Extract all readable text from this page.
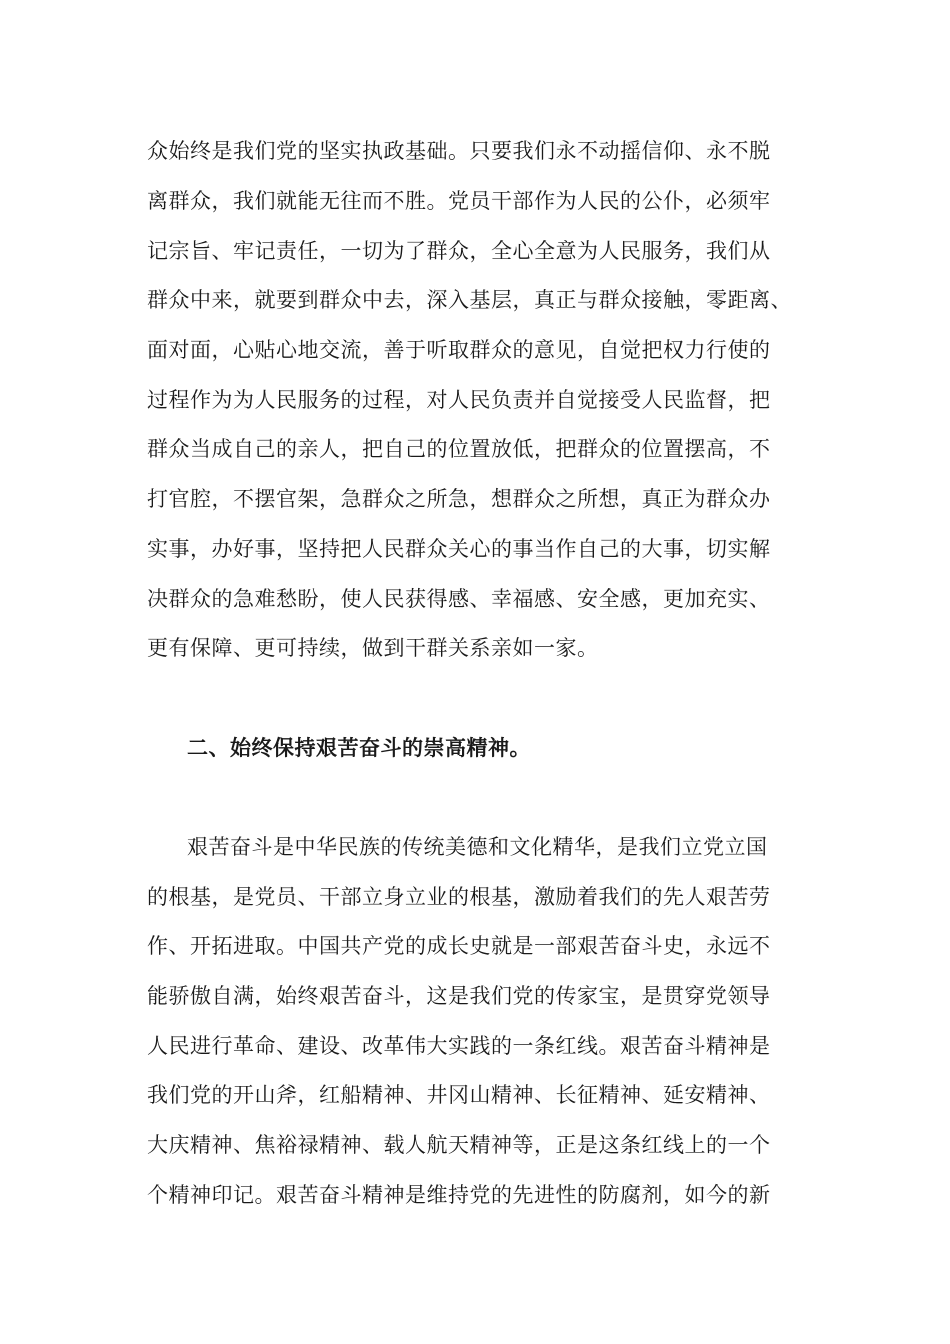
众始终是我们党的坚实执政基础。只要我们永不动摇信仰、永不脱
离群众，我们就能无往而不胜。党员干部作为人民的公仆，必须牢
记宗旨、牢记责任，一切为了群众，全心全意为人民服务，我们从
群众中来，就要到群众中去，深入基层，真正与群众接触，零距离、
面对面，心贴心地交流，善于听取群众的意见，自觉把权力行使的
过程作为为人民服务的过程，对人民负责并自觉接受人民监督，把
群众当成自己的亲人，把自己的位置放低，把群众的位置摆高，不
打官腔，不摆官架，急群众之所急，想群众之所想，真正为群众办
实事，办好事，坚持把人民群众关心的事当作自己的大事，切实解
决群众的急难愁盼，使人民获得感、幸福感、安全感，更加充实、
更有保障、更可持续，做到干群关系亲如一家。
二、始终保持艰苦奋斗的崇高精神。
艰苦奋斗是中华民族的传统美德和文化精华，是我们立党立国
的根基，是党员、干部立身立业的根基，激励着我们的先人艰苦劳
作、开拓进取。中国共产党的成长史就是一部艰苦奋斗史，永远不
能骄傲自满，始终艰苦奋斗，这是我们党的传家宝，是贯穿党领导
人民进行革命、建设、改革伟大实践的一条红线。艰苦奋斗精神是
我们党的开山斧，红船精神、井冈山精神、长征精神、延安精神、
大庆精神、焦裕禄精神、载人航天精神等，正是这条红线上的一个
个精神印记。艰苦奋斗精神是维持党的先进性的防腐剂，如今的新
